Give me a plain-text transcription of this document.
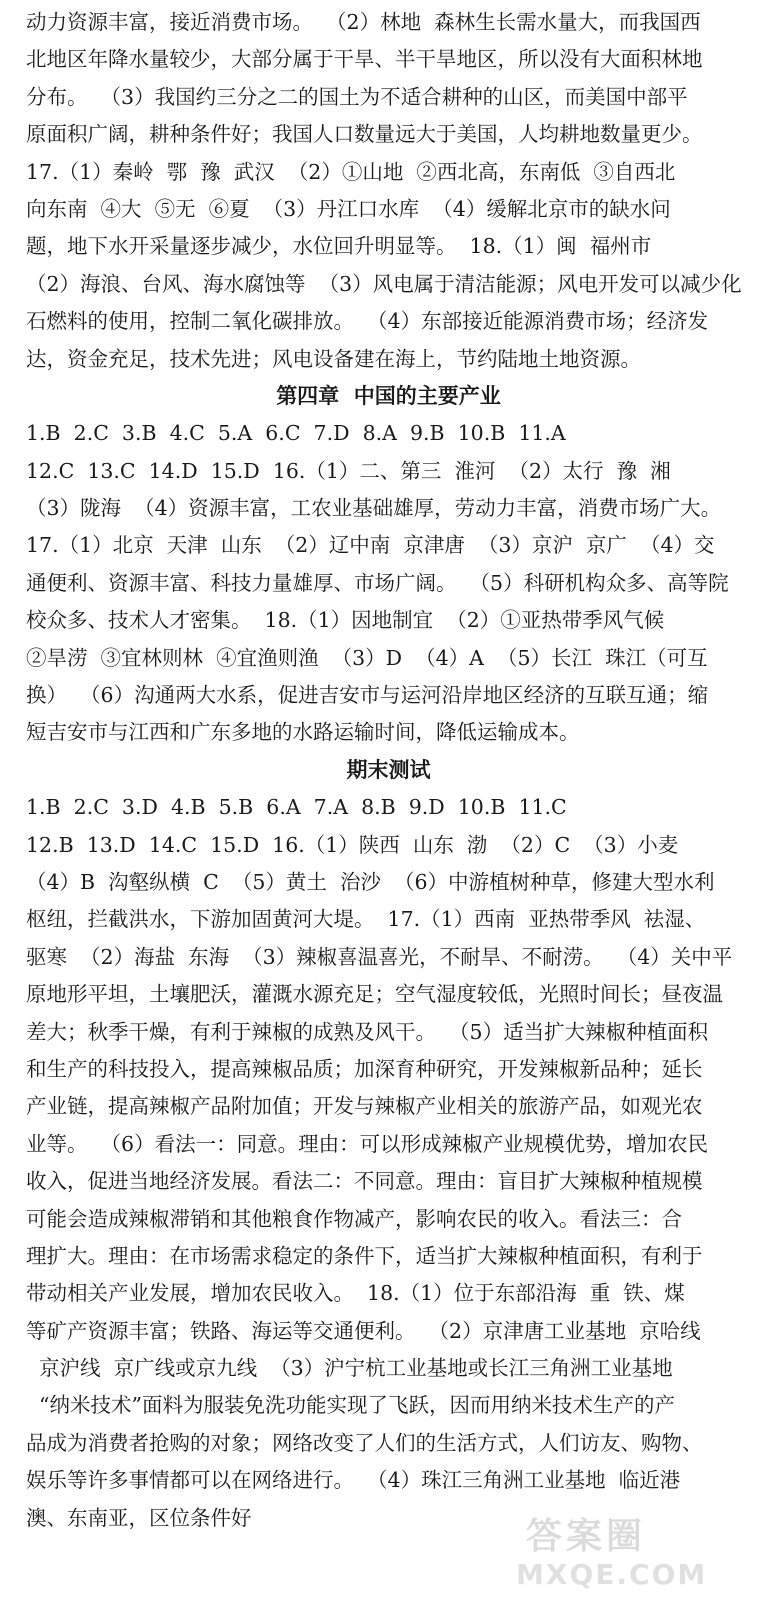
动力资源丰富，接近消费市场。  （2）林地  森林生长需水量大，而我国西
北地区年降水量较少，大部分属于干旱、半干旱地区，所以没有大面积林地
分布。  （3）我国约三分之二的国土为不适合耕种的山区，而美国中部平
原面积广阔，耕种条件好；我国人口数量远大于美国，人均耕地数量更少。
17.（1）秦岭  鄂  豫  武汉  （2）①山地  ②西北高，东南低  ③自西北
向东南  ④大  ⑤无  ⑥夏  （3）丹江口水库  （4）缓解北京市的缺水问
题，地下水开采量逐步减少，水位回升明显等。  18.（1）闽  福州市
（2）海浪、台风、海水腐蚀等  （3）风电属于清洁能源；风电开发可以减少化
石燃料的使用，控制二氧化碳排放。  （4）东部接近能源消费市场；经济发
达，资金充足，技术先进；风电设备建在海上，节约陆地土地资源。
第四章  中国的主要产业
1.B  2.C  3.B  4.C  5.A  6.C  7.D  8.A  9.B  10.B  11.A
12.C  13.C  14.D  15.D  16.（1）二、第三  淮河  （2）太行  豫  湘
（3）陇海  （4）资源丰富，工农业基础雄厚，劳动力丰富，消费市场广大。
17.（1）北京  天津  山东  （2）辽中南  京津唐  （3）京沪  京广  （4）交
通便利、资源丰富、科技力量雄厚、市场广阔。  （5）科研机构众多、高等院
校众多、技术人才密集。  18.（1）因地制宜  （2）①亚热带季风气候
②旱涝  ③宜林则林  ④宜渔则渔  （3）D  （4）A  （5）长江  珠江（可互
换）  （6）沟通两大水系，促进吉安市与运河沿岸地区经济的互联互通；缩
短吉安市与江西和广东多地的水路运输时间，降低运输成本。
期末测试
1.B  2.C  3.D  4.B  5.B  6.A  7.A  8.B  9.D  10.B  11.C
12.B  13.D  14.C  15.D  16.（1）陕西  山东  渤  （2）C  （3）小麦
（4）B  沟壑纵横  C  （5）黄土  治沙  （6）中游植树种草，修建大型水利
枢纽，拦截洪水，下游加固黄河大堤。  17.（1）西南  亚热带季风  祛湿、
驱寒  （2）海盐  东海  （3）辣椒喜温喜光，不耐旱、不耐涝。  （4）关中平
原地形平坦，土壤肥沃，灌溉水源充足；空气湿度较低，光照时间长；昼夜温
差大；秋季干燥，有利于辣椒的成熟及风干。  （5）适当扩大辣椒种植面积
和生产的科技投入，提高辣椒品质；加深育种研究，开发辣椒新品种；延长
产业链，提高辣椒产品附加值；开发与辣椒产业相关的旅游产品，如观光农
业等。  （6）看法一：同意。理由：可以形成辣椒产业规模优势，增加农民
收入，促进当地经济发展。看法二：不同意。理由：盲目扩大辣椒种植规模
可能会造成辣椒滞销和其他粮食作物减产，影响农民的收入。看法三：合
理扩大。理由：在市场需求稳定的条件下，适当扩大辣椒种植面积，有利于
带动相关产业发展，增加农民收入。  18.（1）位于东部沿海  重  铁、煤
等矿产资源丰富；铁路、海运等交通便利。  （2）京津唐工业基地  京哈线
京沪线  京广线或京九线  （3）沪宁杭工业基地或长江三角洲工业基地
“纳米技术”面料为服装免洗功能实现了飞跃，因而用纳米技术生产的产
品成为消费者抢购的对象；网络改变了人们的生活方式，人们访友、购物、
娱乐等许多事情都可以在网络进行。  （4）珠江三角洲工业基地  临近港
澳、东南亚，区位条件好	答案圈
MXQE.COM
